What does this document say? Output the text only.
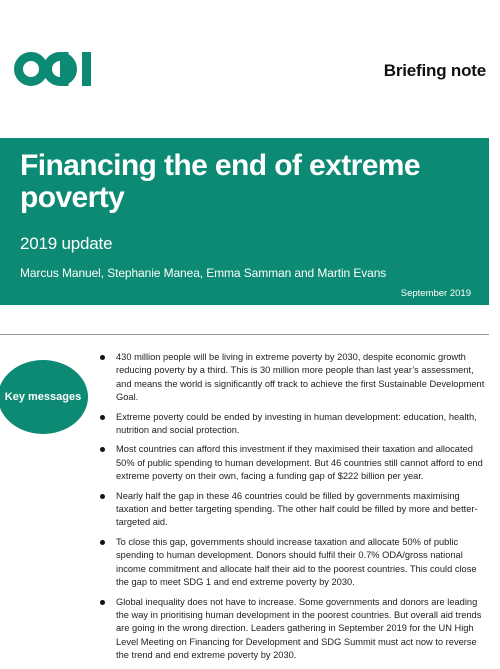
Briefing note
Financing the end of extreme poverty
2019 update
Marcus Manuel, Stephanie Manea, Emma Samman and Martin Evans
September 2019
Key messages
430 million people will be living in extreme poverty by 2030, despite economic growth reducing poverty by a third. This is 30 million more people than last year’s assessment, and means the world is significantly off track to achieve the first Sustainable Development Goal.
Extreme poverty could be ended by investing in human development: education, health, nutrition and social protection.
Most countries can afford this investment if they maximised their taxation and allocated 50% of public spending to human development. But 46 countries still cannot afford to end extreme poverty on their own, facing a funding gap of $222 billion per year.
Nearly half the gap in these 46 countries could be filled by governments maximising taxation and better targeting spending. The other half could be filled by more and better-targeted aid.
To close this gap, governments should increase taxation and allocate 50% of public spending to human development. Donors should fulfil their 0.7% ODA/gross national income commitment and allocate half their aid to the poorest countries. This could close the gap to meet SDG 1 and end extreme poverty by 2030.
Global inequality does not have to increase. Some governments and donors are leading the way in prioritising human development in the poorest countries. But overall aid trends are going in the wrong direction. Leaders gathering in September 2019 for the UN High Level Meeting on Financing for Development and SDG Summit must act now to reverse the trend and end extreme poverty by 2030.
